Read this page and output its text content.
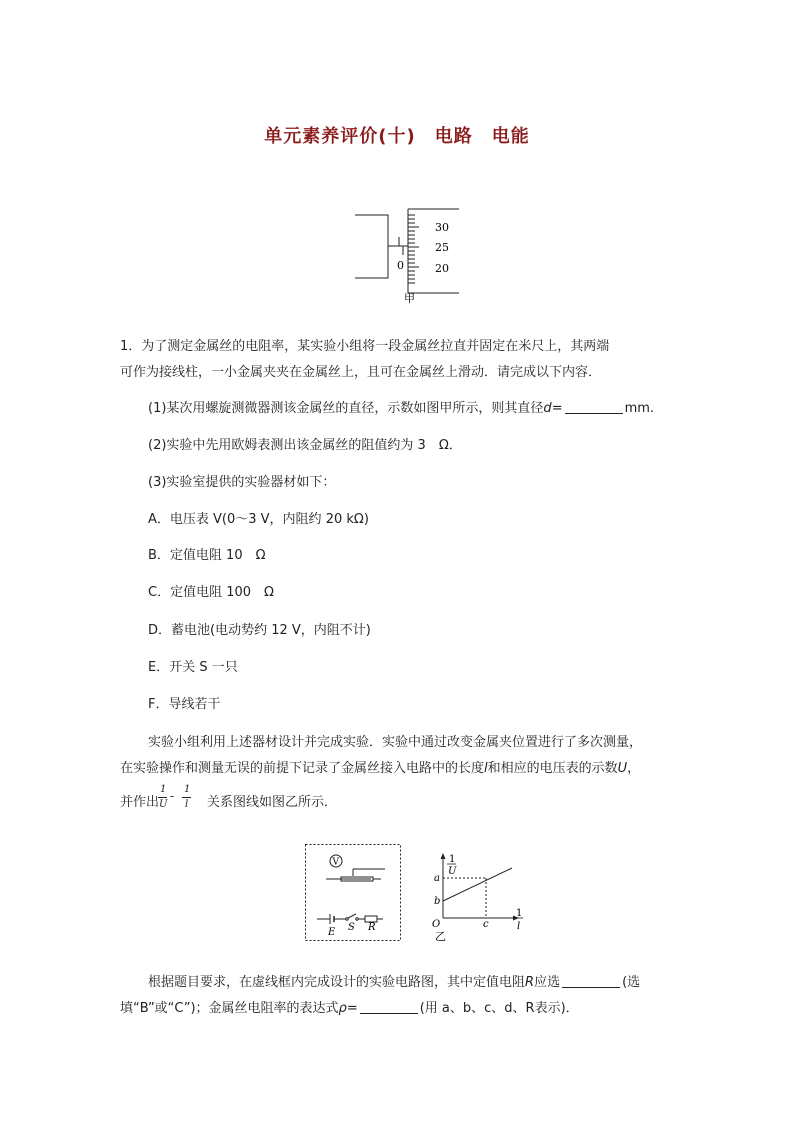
单元素养评价(十)　电路　电能
30
25
20
0
甲
1．为了测定金属丝的电阻率，某实验小组将一段金属丝拉直并固定在米尺上，其两端
可作为接线柱，一小金属夹夹在金属丝上，且可在金属丝上滑动．请完成以下内容．
(1)某次用螺旋测微器测该金属丝的直径，示数如图甲所示，则其直径d=	mm.
(2)实验中先用欧姆表测出该金属丝的阻值约为 3　Ω．
(3)实验室提供的实验器材如下：
A．电压表 V(0～3 V，内阻约 20 kΩ)
B．定值电阻 10　Ω
C．定值电阻 100　Ω
D．蓄电池(电动势约 12 V，内阻不计)
E．开关 S 一只
F．导线若干
实验小组利用上述器材设计并完成实验．实验中通过改变金属夹位置进行了多次测量，
在实验操作和测量无误的前提下记录了金属丝接入电路中的长度l和相应的电压表的示数U，
并作出	关系图线如图乙所示．
1
U
- 1
l
V
E S R
1
U
1
l
O
a
b
c
乙
根据题目要求，在虚线框内完成设计的实验电路图，其中定值电阻R应选	(选
填“B”或“C”)；金属丝电阻率的表达式ρ=	(用 a、b、c、d、R表示)．
